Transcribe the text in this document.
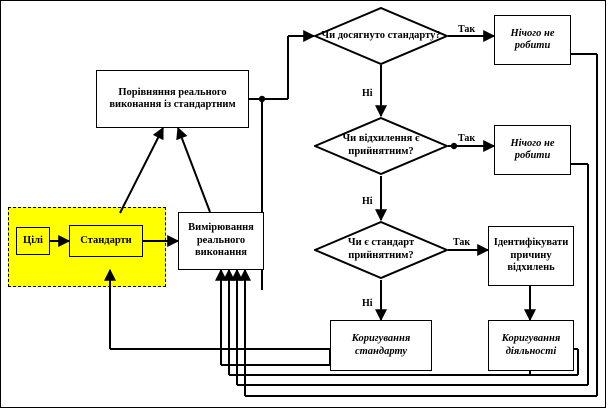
Цілі	Стандарти
Вимірювання реального виконання
Порівняння реального виконання із стандартним
Нічого не робити
Нічого не робити
Ідентифікувати причину відхилень
Коригування стандарту
Коригування діяльності
Чи досягнуто стандарту?
Чи відхилення є прийнятним?
Чи є стандарт прийнятним?
Так
Ні
Так
Ні
Так
Ні
